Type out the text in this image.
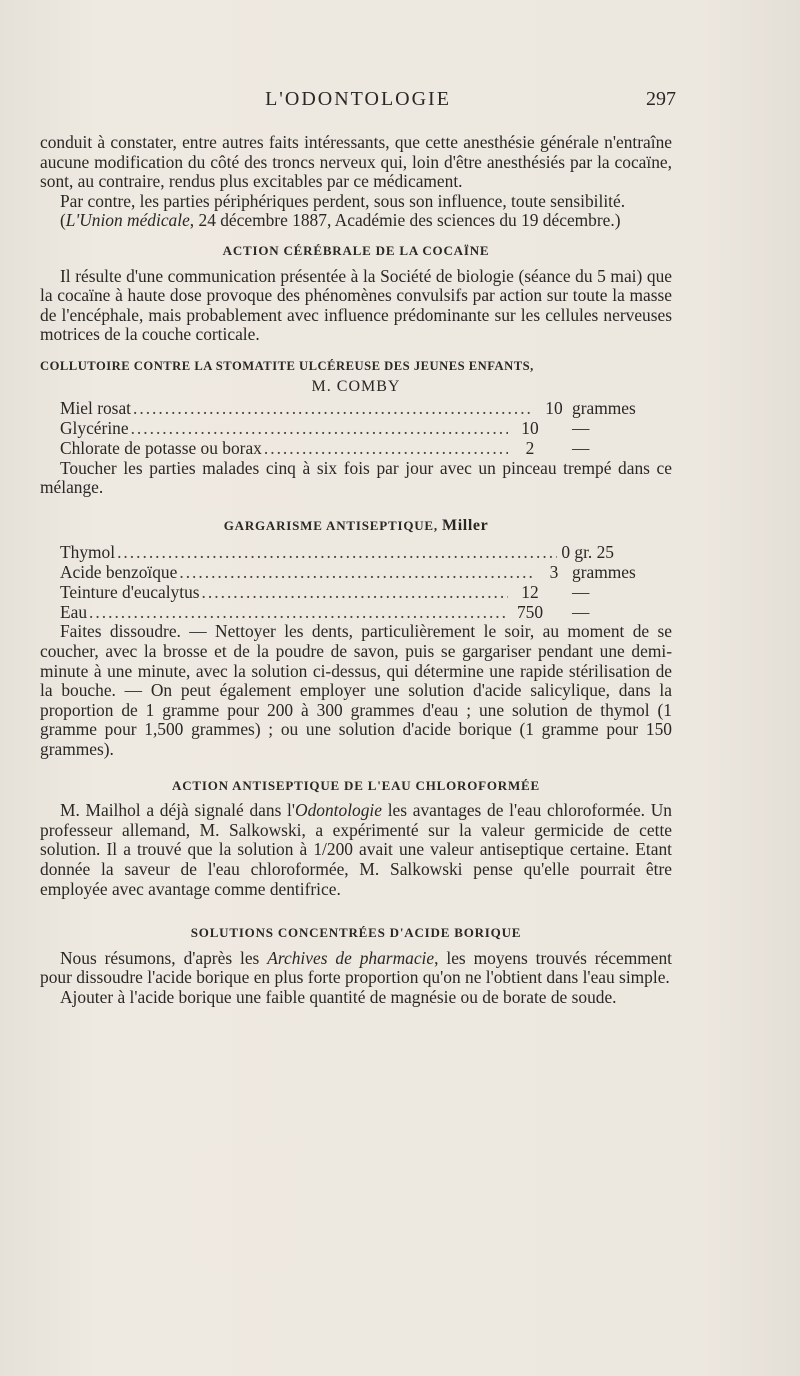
L'ODONTOLOGIE	297

conduit à constater, entre autres faits intéressants, que cette anesthésie générale n'entraîne aucune modification du côté des troncs nerveux qui, loin d'être anesthésiés par la cocaïne, sont, au contraire, rendus plus excitables par ce médicament.

Par contre, les parties périphériques perdent, sous son influence, toute sensibilité.

(L'Union médicale, 24 décembre 1887, Académie des sciences du 19 décembre.)

ACTION CÉRÉBRALE DE LA COCAÏNE

Il résulte d'une communication présentée à la Société de biologie (séance du 5 mai) que la cocaïne à haute dose provoque des phénomènes convulsifs par action sur toute la masse de l'encéphale, mais probablement avec influence prédominante sur les cellules nerveuses motrices de la couche corticale.

COLLUTOIRE CONTRE LA STOMATITE ULCÉREUSE DES JEUNES ENFANTS,
M. COMBY
Miel rosat .....	10 grammes
Glycérine .....	10	—
Chlorate de potasse ou borax .....	2	—

Toucher les parties malades cinq à six fois par jour avec un pinceau trempé dans ce mélange.

GARGARISME ANTISEPTIQUE, Miller
Thymol .....	0 gr. 25
Acide benzoïque .....	3 grammes
Teinture d'eucalytus .....	12	—
Eau .....	750	—

Faites dissoudre. — Nettoyer les dents, particulièrement le soir, au moment de se coucher, avec la brosse et de la poudre de savon, puis se gargariser pendant une demi-minute à une minute, avec la solution ci-dessus, qui détermine une rapide stérilisation de la bouche. — On peut également employer une solution d'acide salicylique, dans la proportion de 1 gramme pour 200 à 300 grammes d'eau ; une solution de thymol (1 gramme pour 1,500 grammes) ; ou une solution d'acide borique (1 gramme pour 150 grammes).

ACTION ANTISEPTIQUE DE L'EAU CHLOROFORMÉE

M. Mailhol a déjà signalé dans l'Odontologie les avantages de l'eau chloroformée. Un professeur allemand, M. Salkowski, a expérimenté sur la valeur germicide de cette solution. Il a trouvé que la solution à 1/200 avait une valeur antiseptique certaine. Etant donnée la saveur de l'eau chloroformée, M. Salkowski pense qu'elle pourrait être employée avec avantage comme dentifrice.

SOLUTIONS CONCENTRÉES D'ACIDE BORIQUE

Nous résumons, d'après les Archives de pharmacie, les moyens trouvés récemment pour dissoudre l'acide borique en plus forte proportion qu'on ne l'obtient dans l'eau simple.

Ajouter à l'acide borique une faible quantité de magnésie ou de borate de soude.
